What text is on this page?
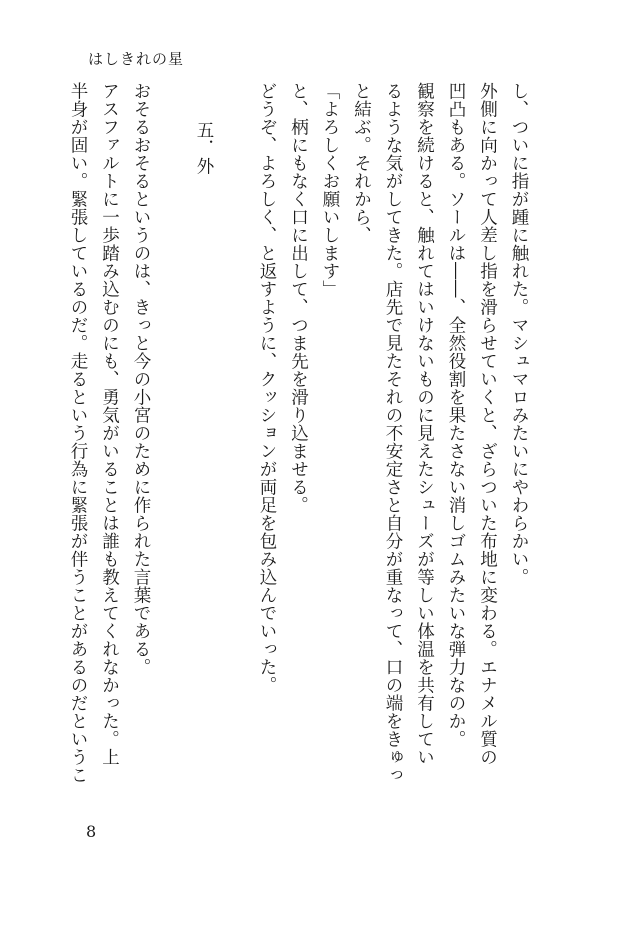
はしきれの星
し、ついに指が踵に触れた。マシュマロみたいにやわらかい。
外側に向かって人差し指を滑らせていくと、ざらついた布地に変わる。エナメル質の
凹凸もある。ソールは――、全然役割を果たさない消しゴムみたいな弾力なのか。
観察を続けると、触れてはいけないものに見えたシューズが等しい体温を共有してい
るような気がしてきた。店先で見たそれの不安定さと自分が重なって、口の端をきゅっ
と結ぶ。それから、
「よろしくお願いします」
と、柄にもなく口に出して、つま先を滑り込ませる。
どうぞ、よろしく、と返すように、クッションが両足を包み込んでいった。
五．外
おそるおそるというのは、きっと今の小宮のために作られた言葉である。
アスファルトに一歩踏み込むのにも、勇気がいることは誰も教えてくれなかった。上
半身が固い。緊張しているのだ。走るという行為に緊張が伴うことがあるのだというこ
8
